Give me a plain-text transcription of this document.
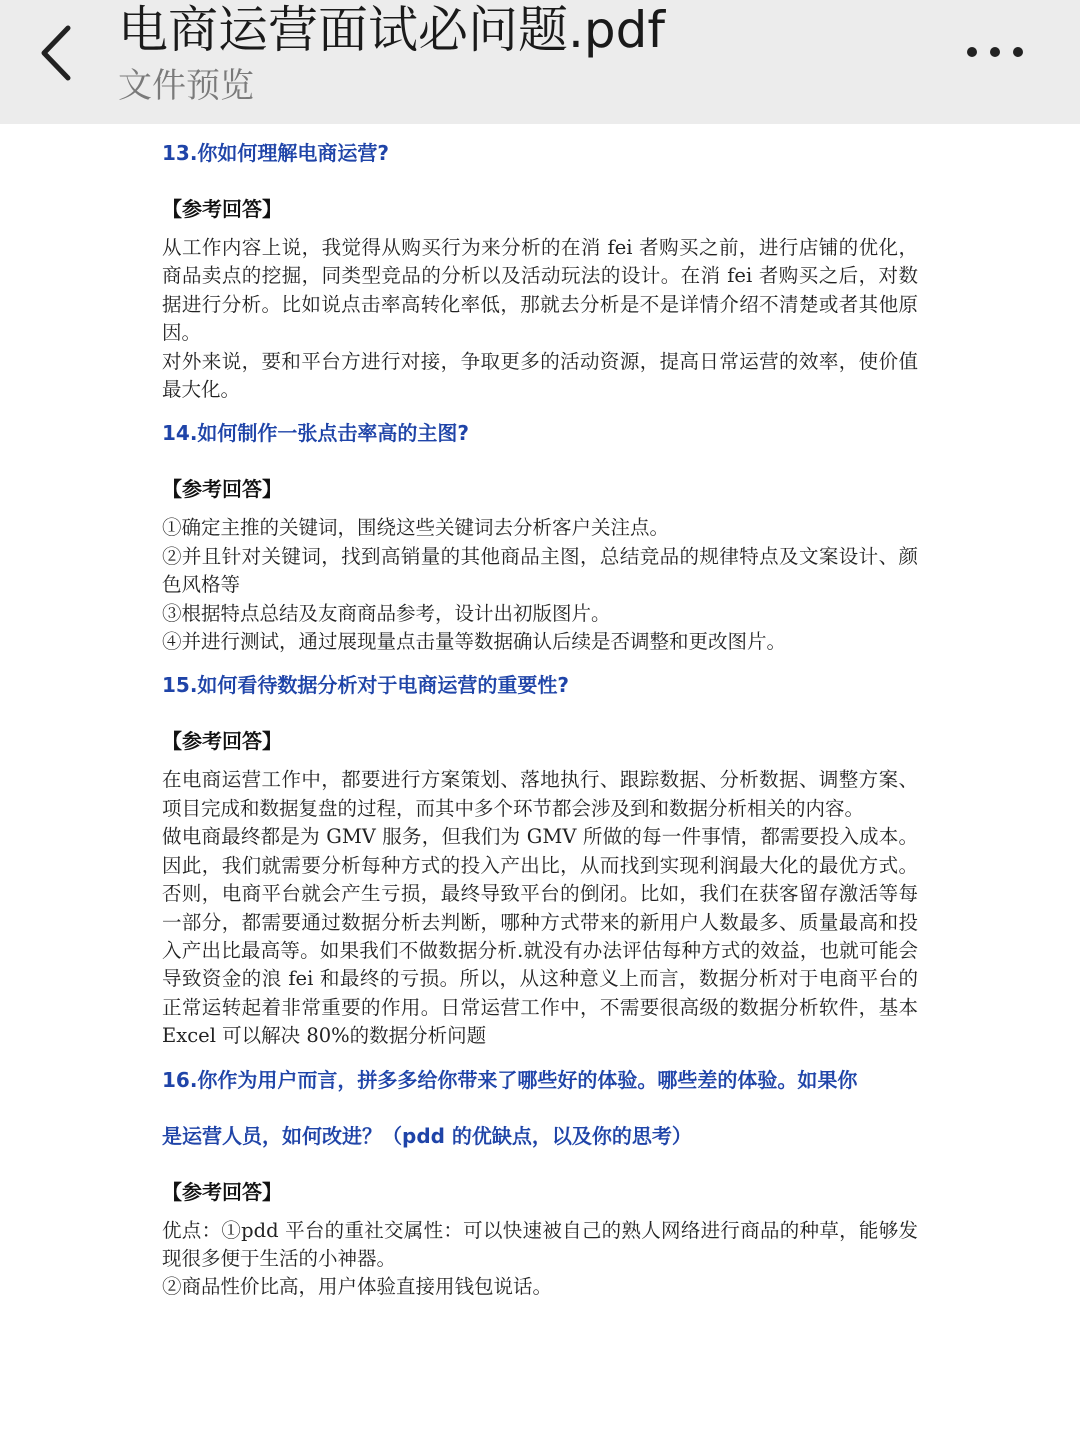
电商运营面试必问题.pdf
文件预览

13.你如何理解电商运营?

【参考回答】

从工作内容上说，我觉得从购买行为来分析的在消 fei 者购买之前，进行店铺的优化，商品卖点的挖掘，同类型竞品的分析以及活动玩法的设计。在消 fei 者购买之后，对数据进行分析。比如说点击率高转化率低，那就去分析是不是详情介绍不清楚或者其他原因。

对外来说，要和平台方进行对接，争取更多的活动资源，提高日常运营的效率，使价值最大化。

14.如何制作一张点击率高的主图?

【参考回答】

①确定主推的关键词，围绕这些关键词去分析客户关注点。

②并且针对关键词，找到高销量的其他商品主图，总结竞品的规律特点及文案设计、颜色风格等

③根据特点总结及友商商品参考，设计出初版图片。

④并进行测试，通过展现量点击量等数据确认后续是否调整和更改图片。

15.如何看待数据分析对于电商运营的重要性?

【参考回答】

在电商运营工作中，都要进行方案策划、落地执行、跟踪数据、分析数据、调整方案、项目完成和数据复盘的过程，而其中多个环节都会涉及到和数据分析相关的内容。

做电商最终都是为 GMV 服务，但我们为 GMV 所做的每一件事情，都需要投入成本。因此，我们就需要分析每种方式的投入产出比，从而找到实现利润最大化的最优方式。否则，电商平台就会产生亏损，最终导致平台的倒闭。比如，我们在获客留存激活等每一部分，都需要通过数据分析去判断，哪种方式带来的新用户人数最多、质量最高和投入产出比最高等。如果我们不做数据分析.就没有办法评估每种方式的效益，也就可能会导致资金的浪 fei 和最终的亏损。所以，从这种意义上而言，数据分析对于电商平台的正常运转起着非常重要的作用。日常运营工作中，不需要很高级的数据分析软件，基本 Excel 可以解决 80%的数据分析问题

16.你作为用户而言，拼多多给你带来了哪些好的体验。哪些差的体验。如果你

是运营人员，如何改进？（pdd 的优缺点，以及你的思考）

【参考回答】

优点：①pdd 平台的重社交属性：可以快速被自己的熟人网络进行商品的种草，能够发现很多便于生活的小神器。

②商品性价比高，用户体验直接用钱包说话。
